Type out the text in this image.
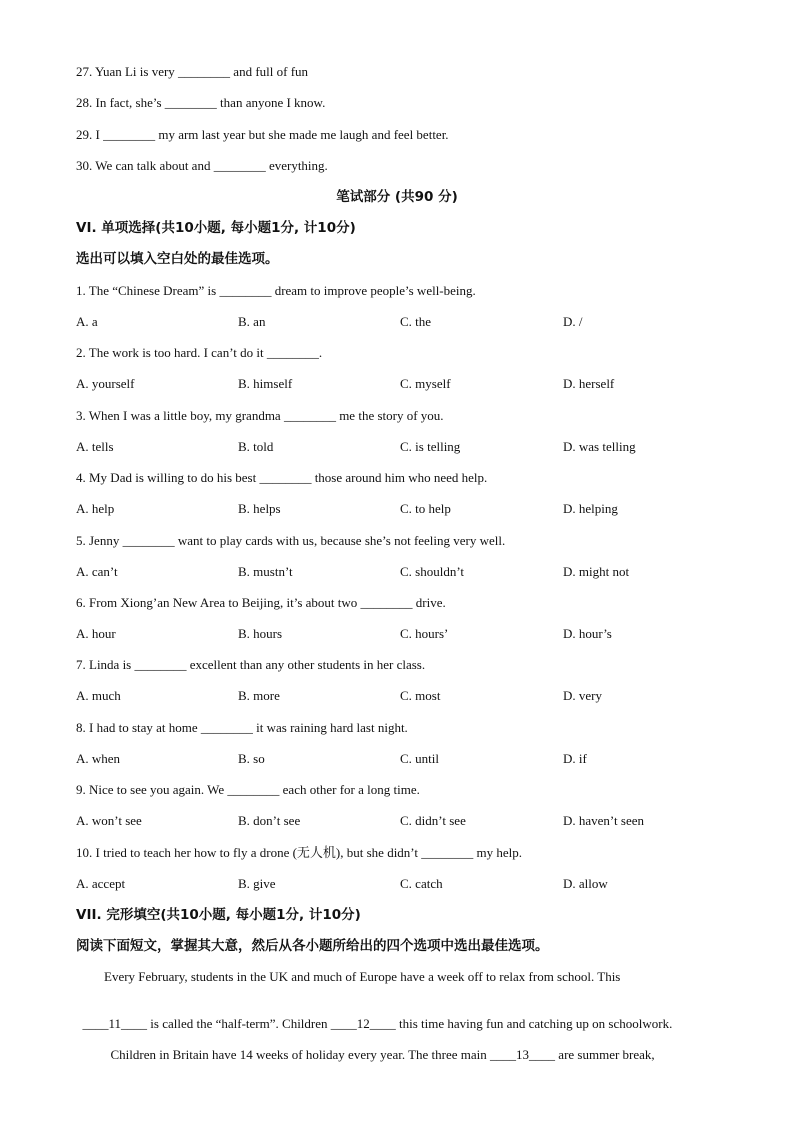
27. Yuan Li is very ________ and full of fun
28. In fact, she’s ________ than anyone I know.
29. I ________ my arm last year but she made me laugh and feel better.
30. We can talk about and ________ everything.
笔试部分 (共90 分)
VI. 单项选择(共10小题, 每小题1分, 计10分)
选出可以填入空白处的最佳选项。
1. The “Chinese Dream” is ________ dream to improve people’s well-being.
A. a	B. an	C. the	D. /
2. The work is too hard. I can’t do it ________.
A. yourself	B. himself	C. myself	D. herself
3. When I was a little boy, my grandma ________ me the story of you.
A. tells	B. told	C. is telling	D. was telling
4. My Dad is willing to do his best ________ those around him who need help.
A. help	B. helps	C. to help	D. helping
5. Jenny ________ want to play cards with us, because she’s not feeling very well.
A. can’t	B. mustn’t	C. shouldn’t	D. might not
6. From Xiong’an New Area to Beijing, it’s about two ________ drive.
A. hour	B. hours	C. hours’	D. hour’s
7. Linda is ________ excellent than any other students in her class.
A. much	B. more	C. most	D. very
8. I had to stay at home ________ it was raining hard last night.
A. when	B. so	C. until	D. if
9. Nice to see you again. We ________ each other for a long time.
A. won’t see	B. don’t see	C. didn’t see	D. haven’t seen
10. I tried to teach her how to fly a drone (无人机), but she didn’t ________ my help.
A. accept	B. give	C. catch	D. allow
VII. 完形填空(共10小题, 每小题1分, 计10分)
阅读下面短文，掌握其大意，然后从各小题所给出的四个选项中选出最佳选项。
Every February, students in the UK and much of Europe have a week off to relax from school. This

____11____ is called the “half-term”. Children ____12____ this time having fun and catching up on schoolwork.

Children in Britain have 14 weeks of holiday every year. The three main ____13____ are summer break,
